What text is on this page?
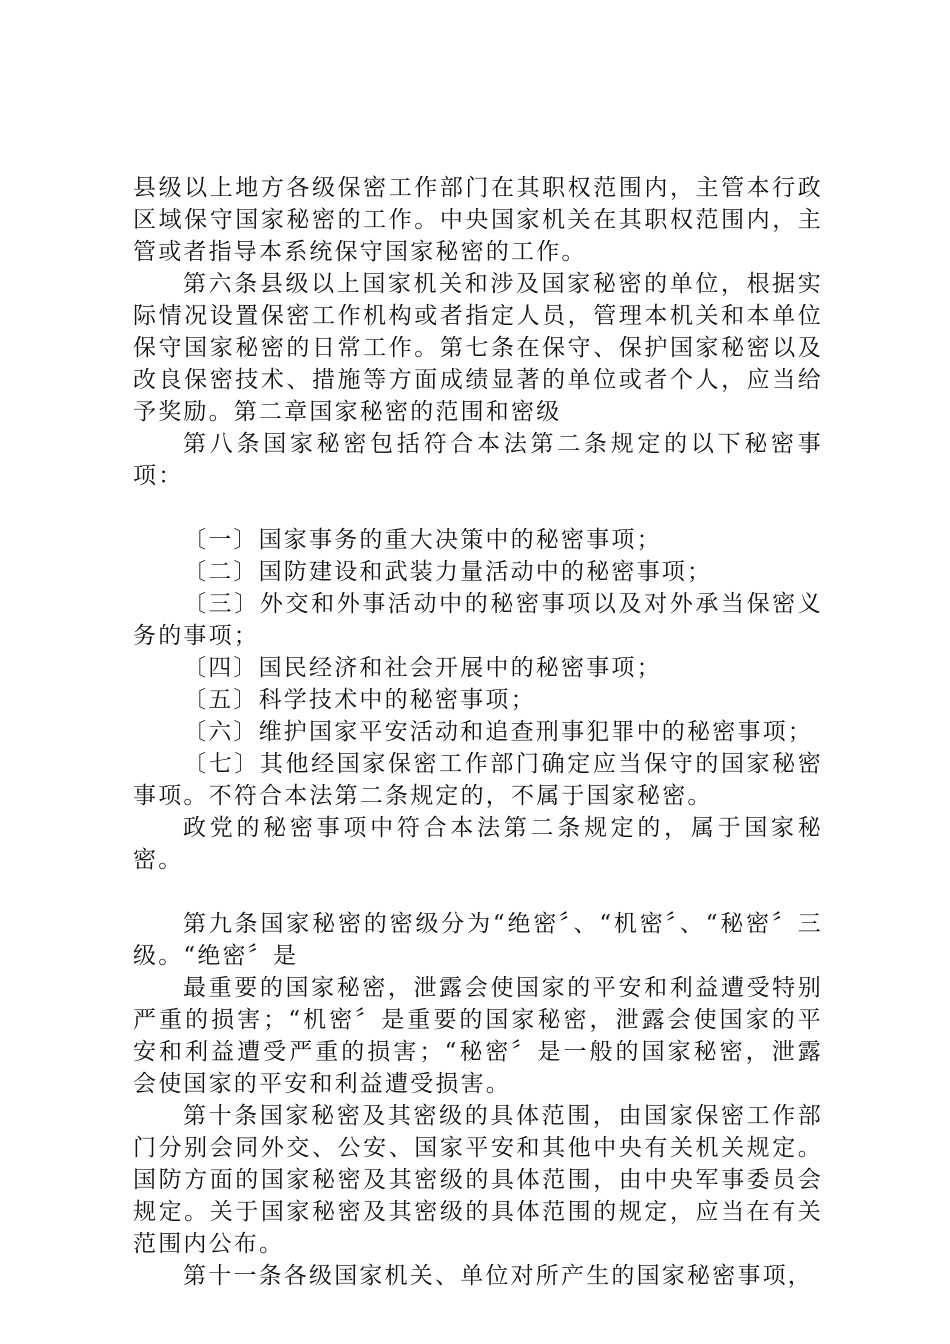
县级以上地方各级保密工作部门在其职权范围内，主管本行政区域保守国家秘密的工作。中央国家机关在其职权范围内，主管或者指导本系统保守国家秘密的工作。

第六条县级以上国家机关和涉及国家秘密的单位，根据实际情况设置保密工作机构或者指定人员，管理本机关和本单位保守国家秘密的日常工作。第七条在保守、保护国家秘密以及改良保密技术、措施等方面成绩显著的单位或者个人，应当给予奖励。第二章国家秘密的范围和密级

第八条国家秘密包括符合本法第二条规定的以下秘密事项：

〔一〕国家事务的重大决策中的秘密事项；

〔二〕国防建设和武装力量活动中的秘密事项；

〔三〕外交和外事活动中的秘密事项以及对外承当保密义务的事项；

〔四〕国民经济和社会开展中的秘密事项；

〔五〕科学技术中的秘密事项；

〔六〕维护国家平安活动和追查刑事犯罪中的秘密事项；

〔七〕其他经国家保密工作部门确定应当保守的国家秘密事项。不符合本法第二条规定的，不属于国家秘密。

政党的秘密事项中符合本法第二条规定的，属于国家秘密。

第九条国家秘密的密级分为“绝密〞、“机密〞、“秘密〞三级。“绝密〞是

最重要的国家秘密，泄露会使国家的平安和利益遭受特别严重的损害；“机密〞是重要的国家秘密，泄露会使国家的平安和利益遭受严重的损害；“秘密〞是一般的国家秘密，泄露会使国家的平安和利益遭受损害。

第十条国家秘密及其密级的具体范围，由国家保密工作部门分别会同外交、公安、国家平安和其他中央有关机关规定。国防方面的国家秘密及其密级的具体范围，由中央军事委员会规定。关于国家秘密及其密级的具体范围的规定，应当在有关范围内公布。

第十一条各级国家机关、单位对所产生的国家秘密事项，
